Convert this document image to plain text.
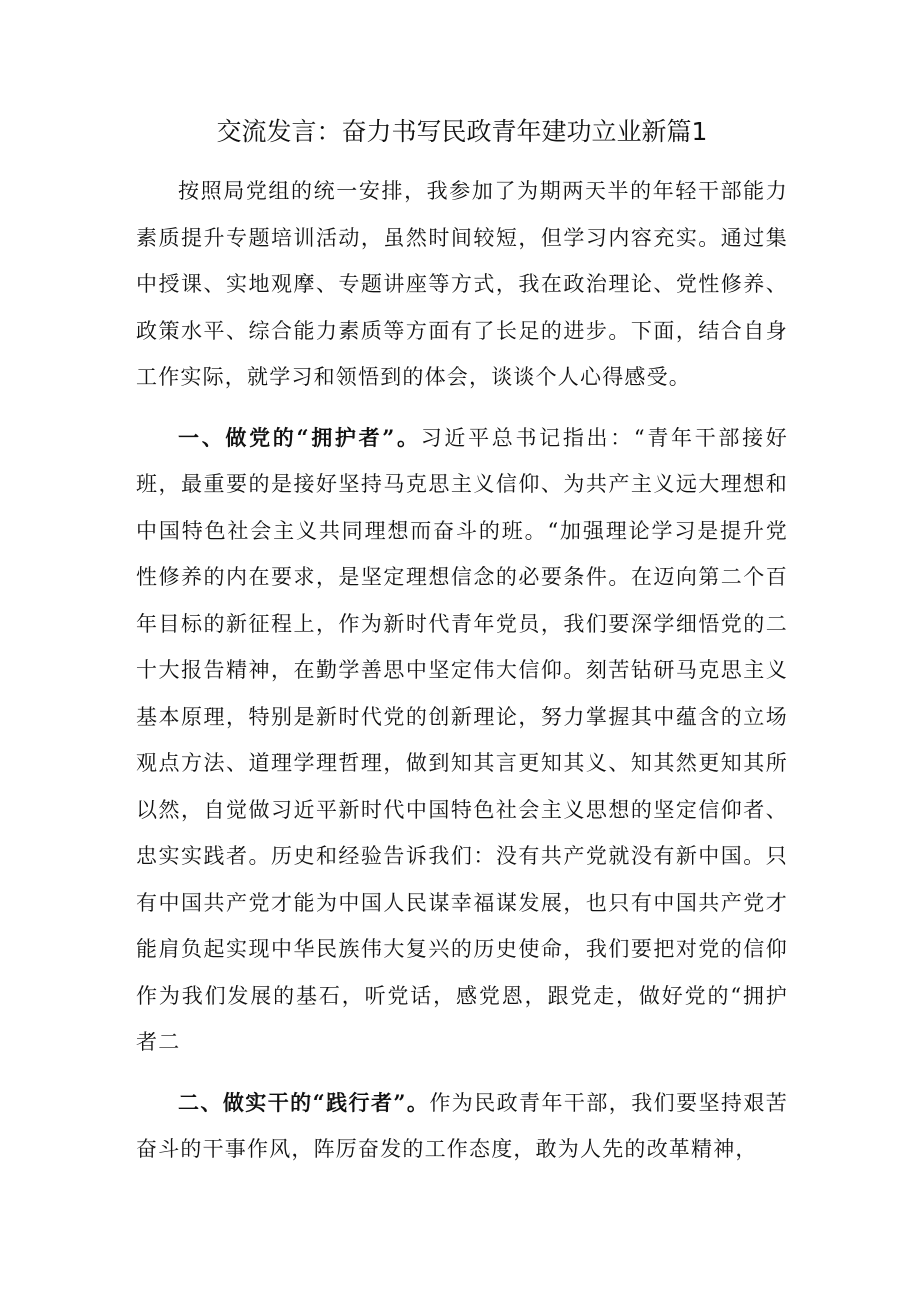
交流发言：奋力书写民政青年建功立业新篇1

按照局党组的统一安排，我参加了为期两天半的年轻干部能力素质提升专题培训活动，虽然时间较短，但学习内容充实。通过集中授课、实地观摩、专题讲座等方式，我在政治理论、党性修养、政策水平、综合能力素质等方面有了长足的进步。下面，结合自身工作实际，就学习和领悟到的体会，谈谈个人心得感受。

一、做党的“拥护者”。习近平总书记指出：“青年干部接好班，最重要的是接好坚持马克思主义信仰、为共产主义远大理想和中国特色社会主义共同理想而奋斗的班。“加强理论学习是提升党性修养的内在要求，是坚定理想信念的必要条件。在迈向第二个百年目标的新征程上，作为新时代青年党员，我们要深学细悟党的二十大报告精神，在勤学善思中坚定伟大信仰。刻苦钻研马克思主义基本原理，特别是新时代党的创新理论，努力掌握其中蕴含的立场观点方法、道理学理哲理，做到知其言更知其义、知其然更知其所以然，自觉做习近平新时代中国特色社会主义思想的坚定信仰者、忠实实践者。历史和经验告诉我们：没有共产党就没有新中国。只有中国共产党才能为中国人民谋幸福谋发展，也只有中国共产党才能肩负起实现中华民族伟大复兴的历史使命，我们要把对党的信仰作为我们发展的基石，听党话，感党恩，跟党走，做好党的“拥护者二

二、做实干的“践行者”。作为民政青年干部，我们要坚持艰苦奋斗的干事作风，阵厉奋发的工作态度，敢为人先的改革精神，
